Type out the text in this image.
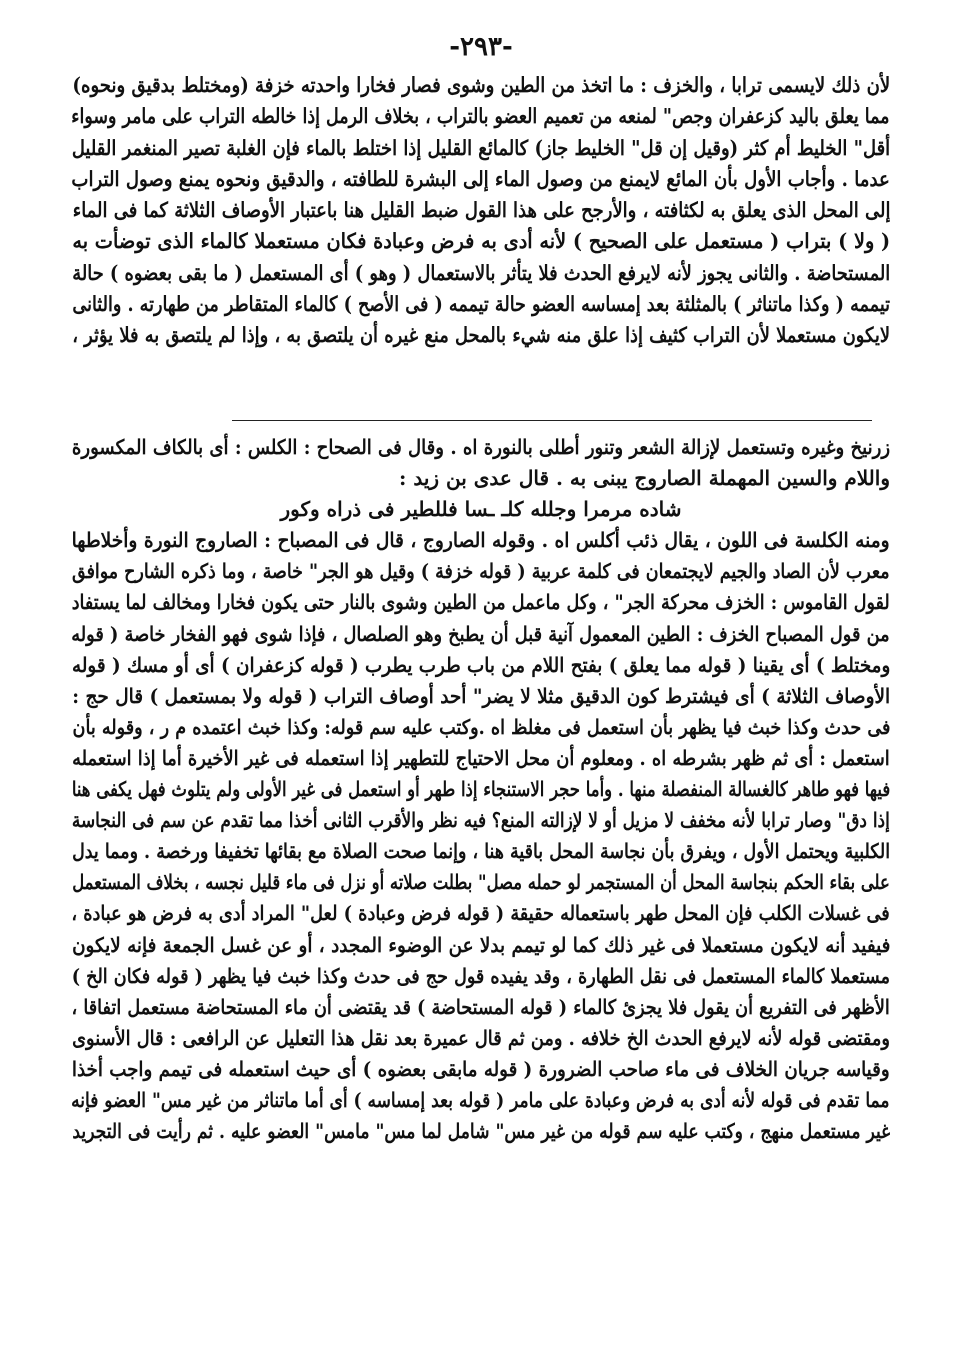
-٢٩٣-
لأن ذلك لايسمى ترابا ، والخزف : ما اتخذ من الطين وشوى فصار فخارا واحدته خزفة (ومختلط بدقيق ونحوه)
مما يعلق باليد كزعفران وجص" لمنعه من تعميم العضو بالتراب ، بخلاف الرمل إذا خالطه التراب على مامر وسواء
أقل" الخليط أم كثر (وقيل إن قل" الخليط جاز) كالمائع القليل إذا اختلط بالماء فإن الغلبة تصير المنغمر القليل
عدما . وأجاب الأول بأن المائع لايمنع من وصول الماء إلى البشرة للطافته ، والدقيق ونحوه يمنع وصول التراب
إلى المحل الذى يعلق به لكثافته ، والأرجح على هذا القول ضبط القليل هنا باعتبار الأوصاف الثلاثة كما فى الماء
( ولا ) بتراب ( مستعمل على الصحيح ) لأنه أدى به فرض وعبادة فكان مستعملا كالماء الذى توضأت به
المستحاضة . والثانى يجوز لأنه لايرفع الحدث فلا يتأثر بالاستعمال ( وهو ) أى المستعمل ( ما بقى بعضوه ) حالة
تيممه ( وكذا ماتناثر ) بالمثلثة بعد إمساسه العضو حالة تيممه ( فى الأصح ) كالماء المتقاطر من طهارته . والثانى
لايكون مستعملا لأن التراب كثيف إذا علق منه شيء بالمحل منع غيره أن يلتصق به ، وإذا لم يلتصق به فلا يؤثر ،
زرنيخ وغيره وتستعمل لإزالة الشعر وتنور أطلى بالنورة اه . وقال فى الصحاح : الكلس : أى بالكاف المكسورة
واللام والسين المهملة الصاروج يبنى به . قال عدى بن زيد :
شاده مرمرا وجلله كلـ ـسا فللطير فى ذراه وكور
ومنه الكلسة فى اللون ، يقال ذئب أكلس اه . وقوله الصاروج ، قال فى المصباح : الصاروج النورة وأخلاطها
معرب لأن الصاد والجيم لايجتمعان فى كلمة عربية ( قوله خزفة ) وقيل هو الجر" خاصة ، وما ذكره الشارح موافق
لقول القاموس : الخزف محركة الجر" ، وكل ماعمل من الطين وشوى بالنار حتى يكون فخارا ومخالف لما يستفاد
من قول المصباح الخزف : الطين المعمول آنية قبل أن يطبخ وهو الصلصال ، فإذا شوى فهو الفخار خاصة ( قوله
ومختلط ) أى يقينا ( قوله مما يعلق ) بفتح اللام من باب طرب يطرب ( قوله كزعفران ) أى أو مسك ( قوله
الأوصاف الثلاثة ) أى فيشترط كون الدقيق مثلا لا يضر" أحد أوصاف التراب ( قوله ولا بمستعمل ) قال حج :
فى حدث وكذا خبث فيا يظهر بأن استعمل فى مغلظ اه .وكتب عليه سم قوله: وكذا خبث اعتمده م ر ، وقوله بأن
استعمل : أى ثم ظهر بشرطه اه . ومعلوم أن محل الاحتياج للتطهير إذا استعمله فى غير الأخيرة أما إذا استعمله
فيها فهو طاهر كالغسالة المنفصلة منها . وأما حجر الاستنجاء إذا طهر أو استعمل فى غير الأولى ولم يتلوث فهل يكفى هنا
إذا دق" وصار ترابا لأنه مخفف لا مزيل أو لا لإزالته المنع؟ فيه نظر والأقرب الثانى أخذا مما تقدم عن سم فى النجاسة
الكلبية ويحتمل الأول ، ويفرق بأن نجاسة المحل باقية هنا ، وإنما صحت الصلاة مع بقائها تخفيفا ورخصة . ومما يدل
على بقاء الحكم بنجاسة المحل أن المستجمر لو حمله مصل" بطلت صلاته أو نزل فى ماء قليل نجسه ، بخلاف المستعمل
فى غسلات الكلب فإن المحل طهر باستعماله حقيقة ( قوله فرض وعبادة ) لعل" المراد أدى به فرض هو عبادة ،
فيفيد أنه لايكون مستعملا فى غير ذلك كما لو تيمم بدلا عن الوضوء المجدد ، أو عن غسل الجمعة فإنه لايكون
مستعملا كالماء المستعمل فى نقل الطهارة ، وقد يفيده قول حج فى حدث وكذا خبث فيا يظهر ( قوله فكان الخ )
الأظهر فى التفريع أن يقول فلا يجزئ كالماء ( قوله المستحاضة ) قد يقتضى أن ماء المستحاضة مستعمل اتفاقا ،
ومقتضى قوله لأنه لايرفع الحدث الخ خلافه . ومن ثم قال عميرة بعد نقل هذا التعليل عن الرافعى : قال الأسنوى
وقياسه جريان الخلاف فى ماء صاحب الضرورة ( قوله مابقى بعضوه ) أى حيث استعمله فى تيمم واجب أخذا
مما تقدم فى قوله لأنه أدى به فرض وعبادة على مامر ( قوله بعد إمساسه ) أى أما ماتناثر من غير مس" العضو فإنه
غير مستعمل منهج ، وكتب عليه سم قوله من غير مس" شامل لما مس" مامس" العضو عليه . ثم رأيت فى التجريد
